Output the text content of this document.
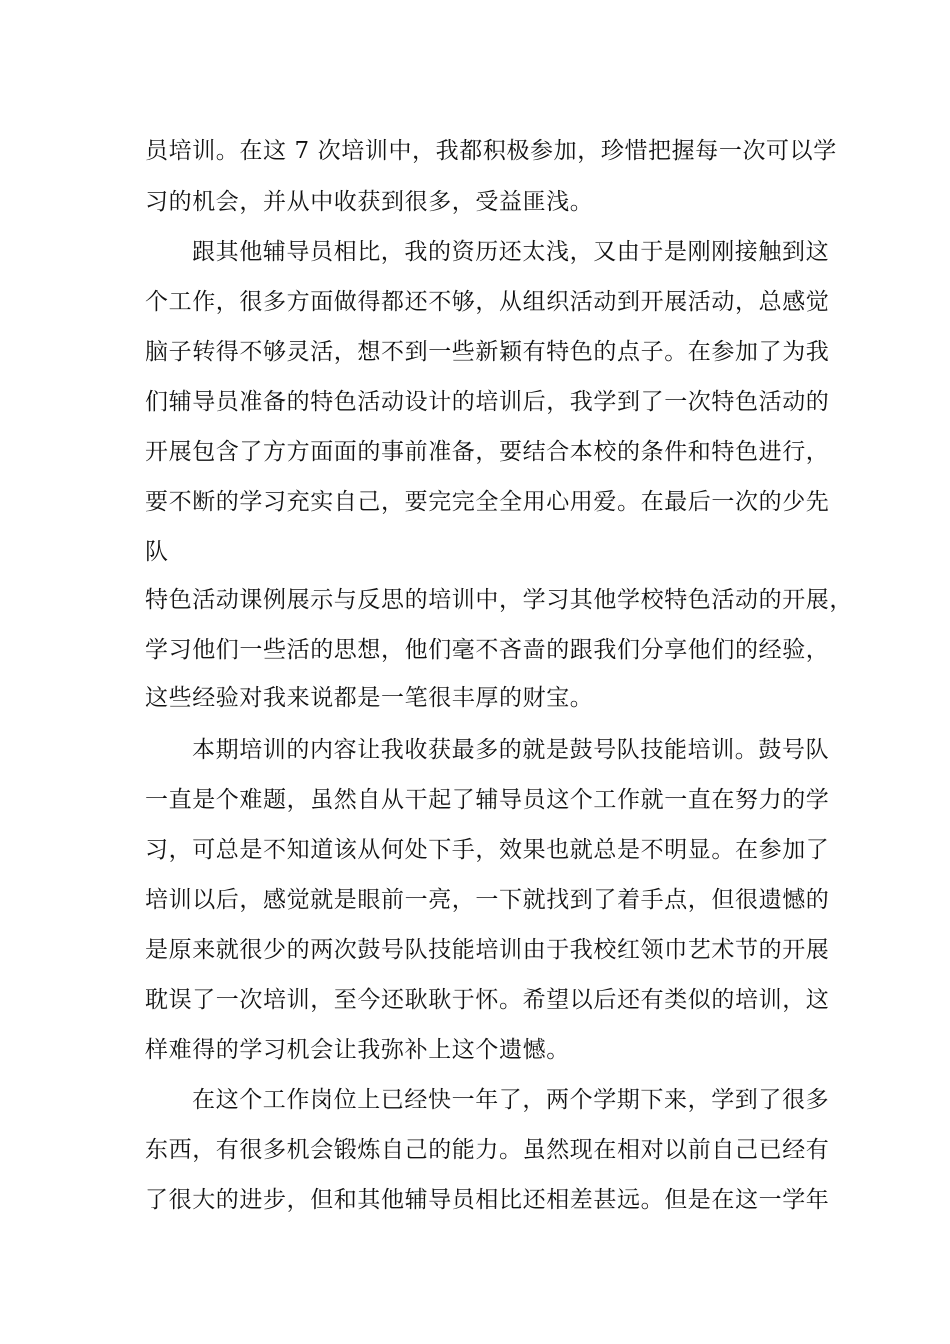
员培训。在这 7 次培训中，我都积极参加，珍惜把握每一次可以学
习的机会，并从中收获到很多，受益匪浅。
跟其他辅导员相比，我的资历还太浅，又由于是刚刚接触到这
个工作，很多方面做得都还不够，从组织活动到开展活动，总感觉
脑子转得不够灵活，想不到一些新颖有特色的点子。在参加了为我
们辅导员准备的特色活动设计的培训后，我学到了一次特色活动的
开展包含了方方面面的事前准备，要结合本校的条件和特色进行，
要不断的学习充实自己，要完完全全用心用爱。在最后一次的少先
队
特色活动课例展示与反思的培训中，学习其他学校特色活动的开展，
学习他们一些活的思想，他们毫不吝啬的跟我们分享他们的经验，
这些经验对我来说都是一笔很丰厚的财宝。
本期培训的内容让我收获最多的就是鼓号队技能培训。鼓号队
一直是个难题，虽然自从干起了辅导员这个工作就一直在努力的学
习，可总是不知道该从何处下手，效果也就总是不明显。在参加了
培训以后，感觉就是眼前一亮，一下就找到了着手点，但很遗憾的
是原来就很少的两次鼓号队技能培训由于我校红领巾艺术节的开展
耽误了一次培训，至今还耿耿于怀。希望以后还有类似的培训，这
样难得的学习机会让我弥补上这个遗憾。
在这个工作岗位上已经快一年了，两个学期下来，学到了很多
东西，有很多机会锻炼自己的能力。虽然现在相对以前自己已经有
了很大的进步，但和其他辅导员相比还相差甚远。但是在这一学年
